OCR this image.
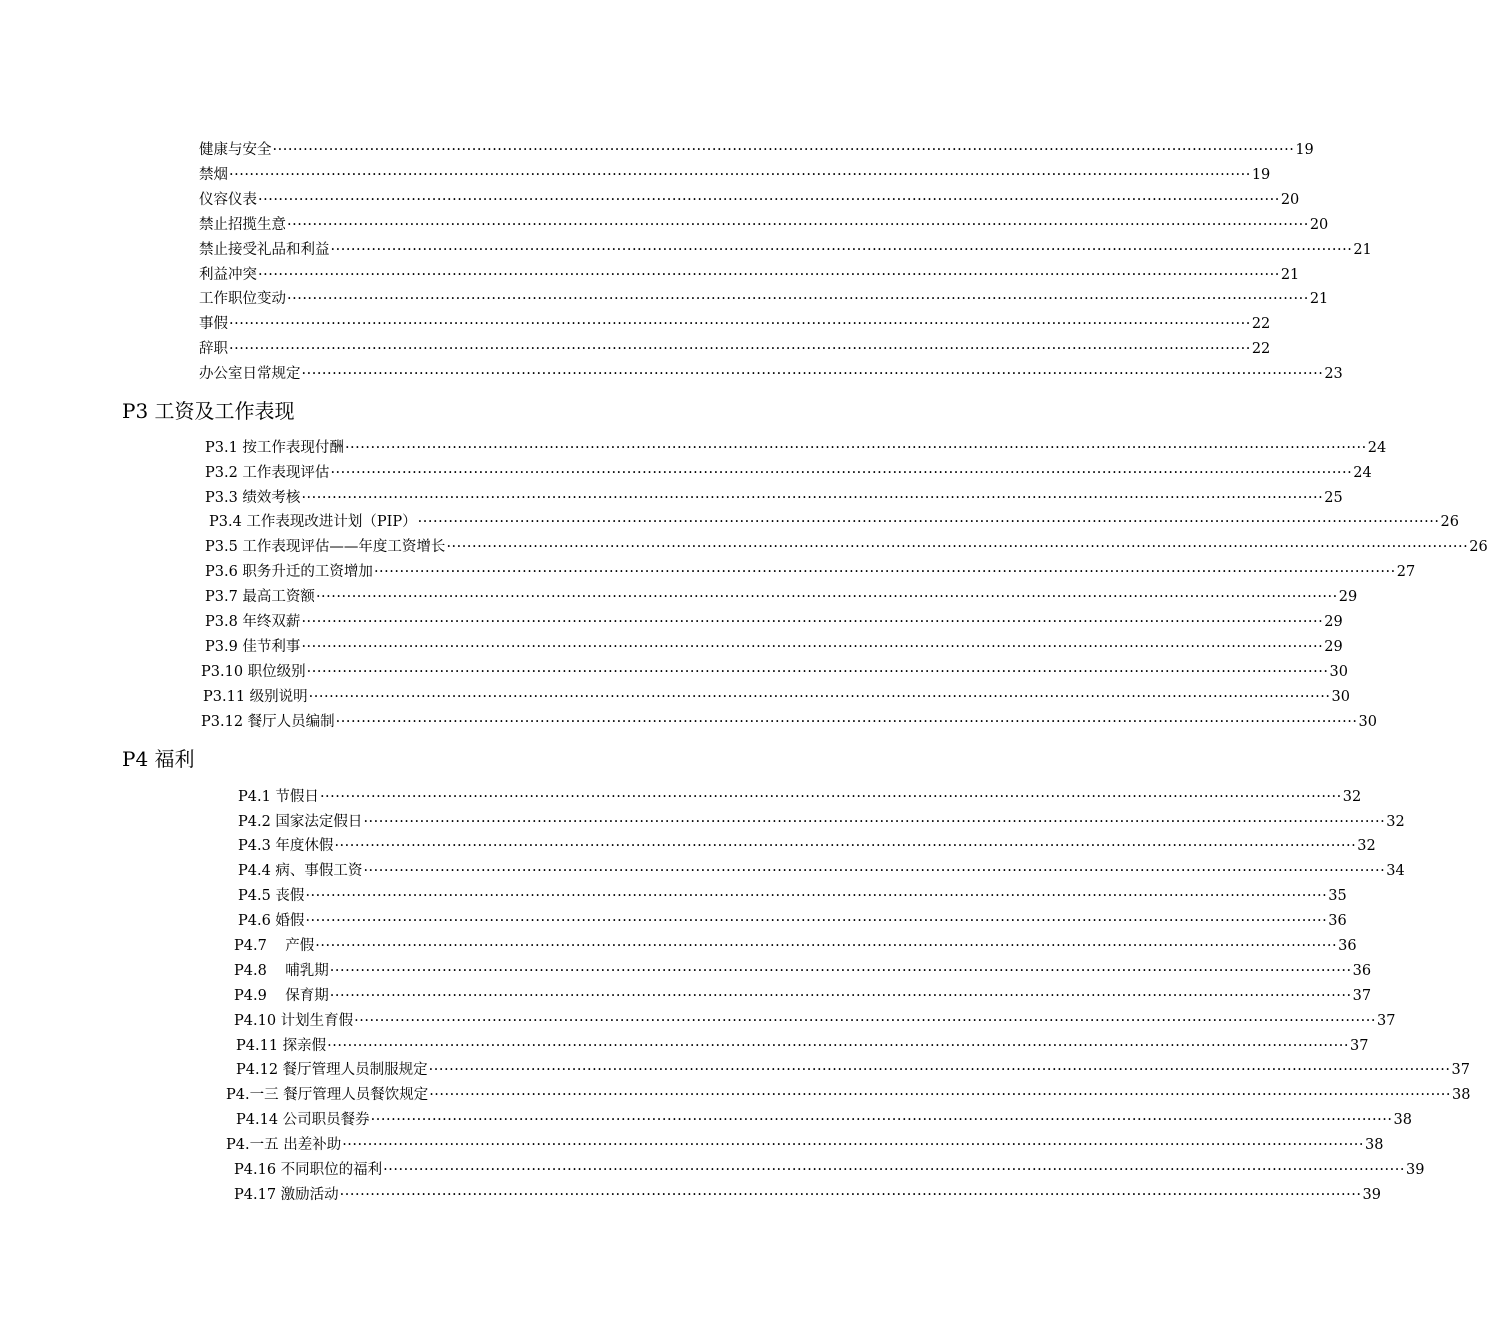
健康与安全 ········································································································································································································ 19
禁烟 ········································································································································································································ 19
仪容仪表 ········································································································································································································ 20
禁止招揽生意 ········································································································································································································ 20
禁止接受礼品和利益 ········································································································································································································ 21
利益冲突 ········································································································································································································ 21
工作职位变动 ········································································································································································································ 21
事假 ········································································································································································································ 22
辞职 ········································································································································································································ 22
办公室日常规定 ········································································································································································································ 23
P3 工资及工作表现
P3.1 按工作表现付酬 ········································································································································································································ 24
P3.2 工作表现评估 ········································································································································································································ 24
P3.3 绩效考核 ········································································································································································································ 25
P3.4 工作表现改进计划（PIP） ········································································································································································································ 26
P3.5 工作表现评估——年度工资增长 ········································································································································································································ 26
P3.6 职务升迁的工资增加 ········································································································································································································ 27
P3.7 最高工资额 ········································································································································································································ 29
P3.8 年终双薪 ········································································································································································································ 29
P3.9 佳节利事 ········································································································································································································ 29
P3.10 职位级别 ········································································································································································································ 30
P3.11 级别说明 ········································································································································································································ 30
P3.12 餐厅人员编制 ········································································································································································································ 30
P4 福利
P4.1 节假日 ········································································································································································································ 32
P4.2 国家法定假日 ········································································································································································································ 32
P4.3 年度休假 ········································································································································································································ 32
P4.4 病、事假工资 ········································································································································································································ 34
P4.5 丧假 ········································································································································································································ 35
P4.6 婚假 ········································································································································································································ 36
P4.7    产假 ········································································································································································································ 36
P4.8    哺乳期 ········································································································································································································ 36
P4.9    保育期 ········································································································································································································ 37
P4.10 计划生育假 ········································································································································································································ 37
P4.11 探亲假 ········································································································································································································ 37
P4.12 餐厅管理人员制服规定 ········································································································································································································ 37
P4.一三 餐厅管理人员餐饮规定 ········································································································································································································ 38
P4.14 公司职员餐券 ········································································································································································································ 38
P4.一五 出差补助 ········································································································································································································ 38
P4.16 不同职位的福利 ········································································································································································································ 39
P4.17 激励活动 ········································································································································································································ 39
